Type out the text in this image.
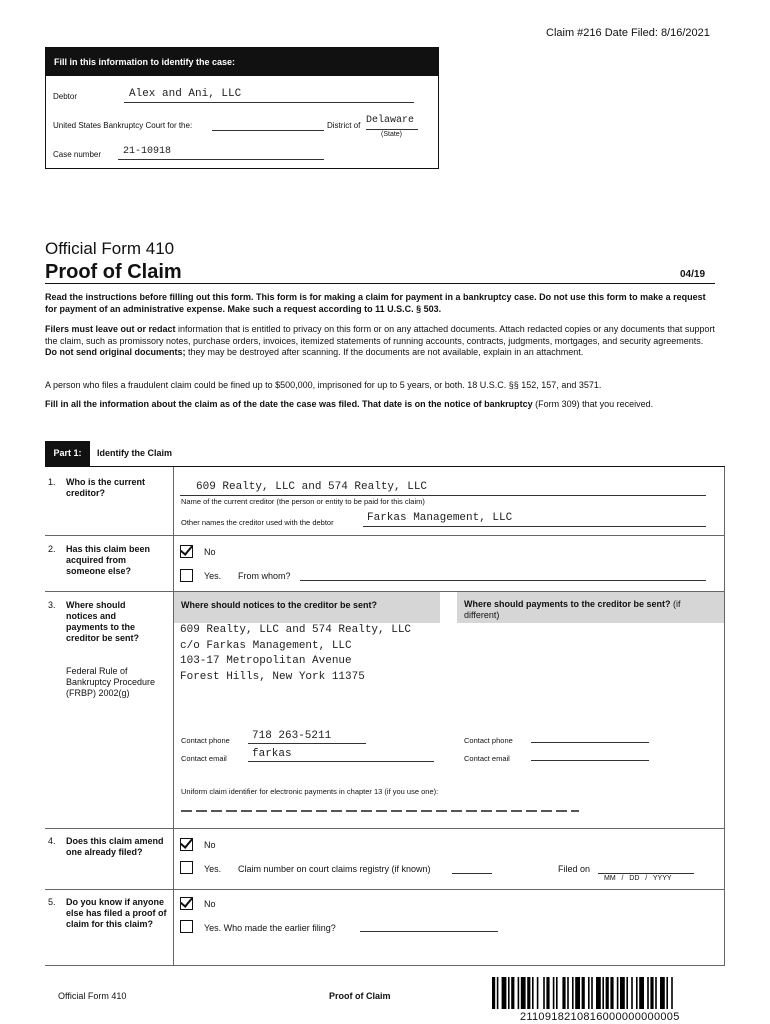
Claim #216 Date Filed: 8/16/2021
Fill in this information to identify the case:
Debtor	Alex and Ani, LLC
United States Bankruptcy Court for the:	District of Delaware
(State)
Case number	21-10918
Official Form 410
Proof of Claim	04/19
Read the instructions before filling out this form. This form is for making a claim for payment in a bankruptcy case. Do not use this form to make a request for payment of an administrative expense. Make such a request according to 11 U.S.C. § 503.
Filers must leave out or redact information that is entitled to privacy on this form or on any attached documents. Attach redacted copies or any documents that support the claim, such as promissory notes, purchase orders, invoices, itemized statements of running accounts, contracts, judgments, mortgages, and security agreements. Do not send original documents; they may be destroyed after scanning. If the documents are not available, explain in an attachment.
A person who files a fraudulent claim could be fined up to $500,000, imprisoned for up to 5 years, or both. 18 U.S.C. §§ 152, 157, and 3571.
Fill in all the information about the claim as of the date the case was filed. That date is on the notice of bankruptcy (Form 309) that you received.
Part 1:	Identify the Claim
1. Who is the current creditor?	609 Realty, LLC and 574 Realty, LLC
Name of the current creditor (the person or entity to be paid for this claim)
Other names the creditor used with the debtor	Farkas Management, LLC
2. Has this claim been acquired from someone else?
No
Yes. From whom?
3. Where should notices and payments to the creditor be sent?
Federal Rule of Bankruptcy Procedure (FRBP) 2002(g)
Where should notices to the creditor be sent?	Where should payments to the creditor be sent? (if different)
609 Realty, LLC and 574 Realty, LLC
c/o Farkas Management, LLC
103-17 Metropolitan Avenue
Forest Hills, New York 11375
Contact phone	718 263-5211
Contact email	farkas
Contact phone
Contact email
Uniform claim identifier for electronic payments in chapter 13 (if you use one):
4. Does this claim amend one already filed?
No
Yes. Claim number on court claims registry (if known)	Filed on
MM   /   DD   /   YYYY
5. Do you know if anyone else has filed a proof of claim for this claim?
No
Yes. Who made the earlier filing?
Official Form 410	Proof of Claim
2110918210816000000000005
